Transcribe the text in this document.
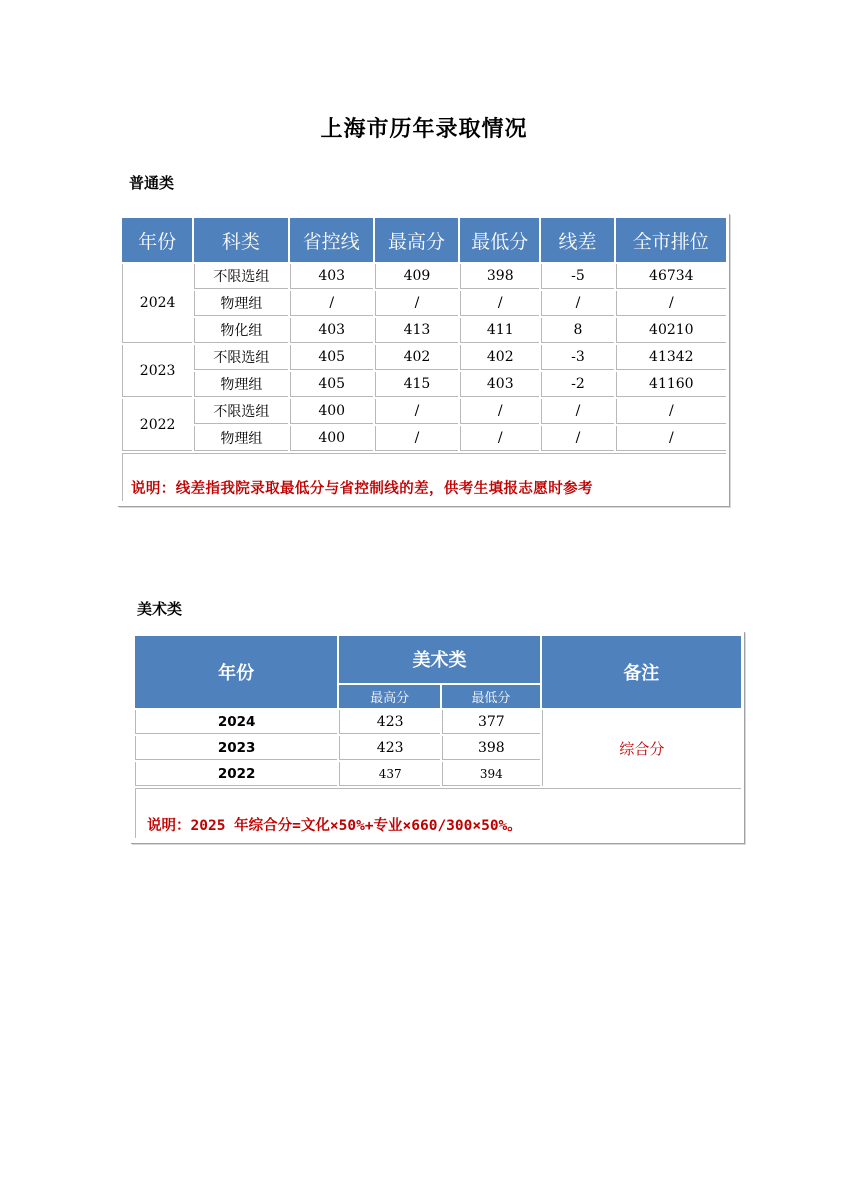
上海市历年录取情况
普通类
年份	科类	省控线	最高分	最低分	线差	全市排位
2024	不限选组	403	409	398	-5	46734
	物理组	/	/	/	/	/
	物化组	403	413	411	8	40210
2023	不限选组	405	402	402	-3	41342
	物理组	405	415	403	-2	41160
2022	不限选组	400	/	/	/	/
	物理组	400	/	/	/	/
说明：线差指我院录取最低分与省控制线的差，供考生填报志愿时参考						
美术类
年份	美术类		备注
	最高分	最低分	
2024	423	377	综合分
2023	423	398	
2022	437	394	
说明：2025 年综合分=文化×50%+专业×660/300×50%。			
